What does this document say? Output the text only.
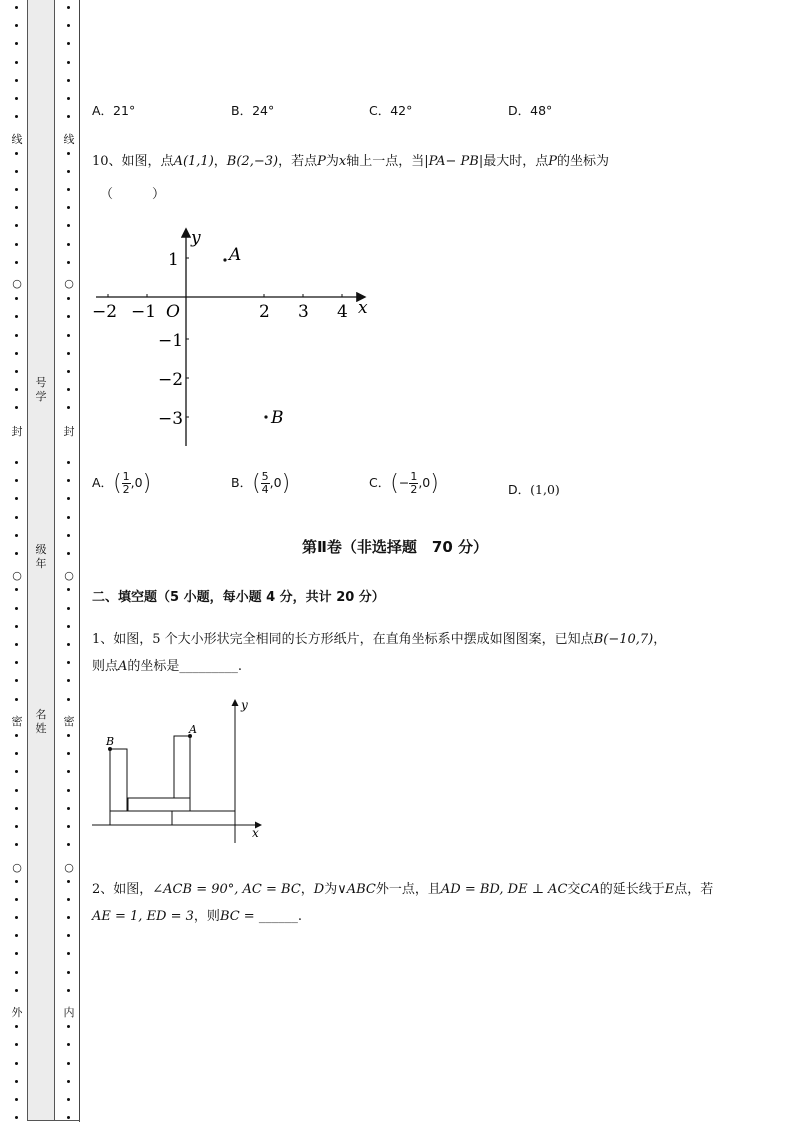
线
○
封
○
密
○
外
线
○
封
○
密
○
内
号学
级年
名姓
A．21°	B．24°	C．42°	D．48°
10、如图，点A(1,1)，B(2,−3)，若点P为x轴上一点，当|PA− PB|最大时，点P的坐标为
（　　　）
−2 −1 O	2 3 4
1
−1
−2
−3
x
y
A
B
A．( $\frac{1}{2} ,0$)	B．( $\frac{5}{4} ,0$)	C．(− $\frac{1}{2} ,0$)	D．(1,0)
第Ⅱ卷（非选择题　70 分）
二、填空题（5 小题，每小题 4 分，共计 20 分）
1、如图，5 个大小形状完全相同的长方形纸片，在直角坐标系中摆成如图图案，已知点B(−10,7)，
则点A的坐标是_________.
B
A
x
y
2、如图，∠ACB = 90°, AC = BC，D为∨ABC外一点，且AD = BD, DE ⊥ AC交CA的延长线于E点，若
AE = 1, ED = 3，则BC = ______.
